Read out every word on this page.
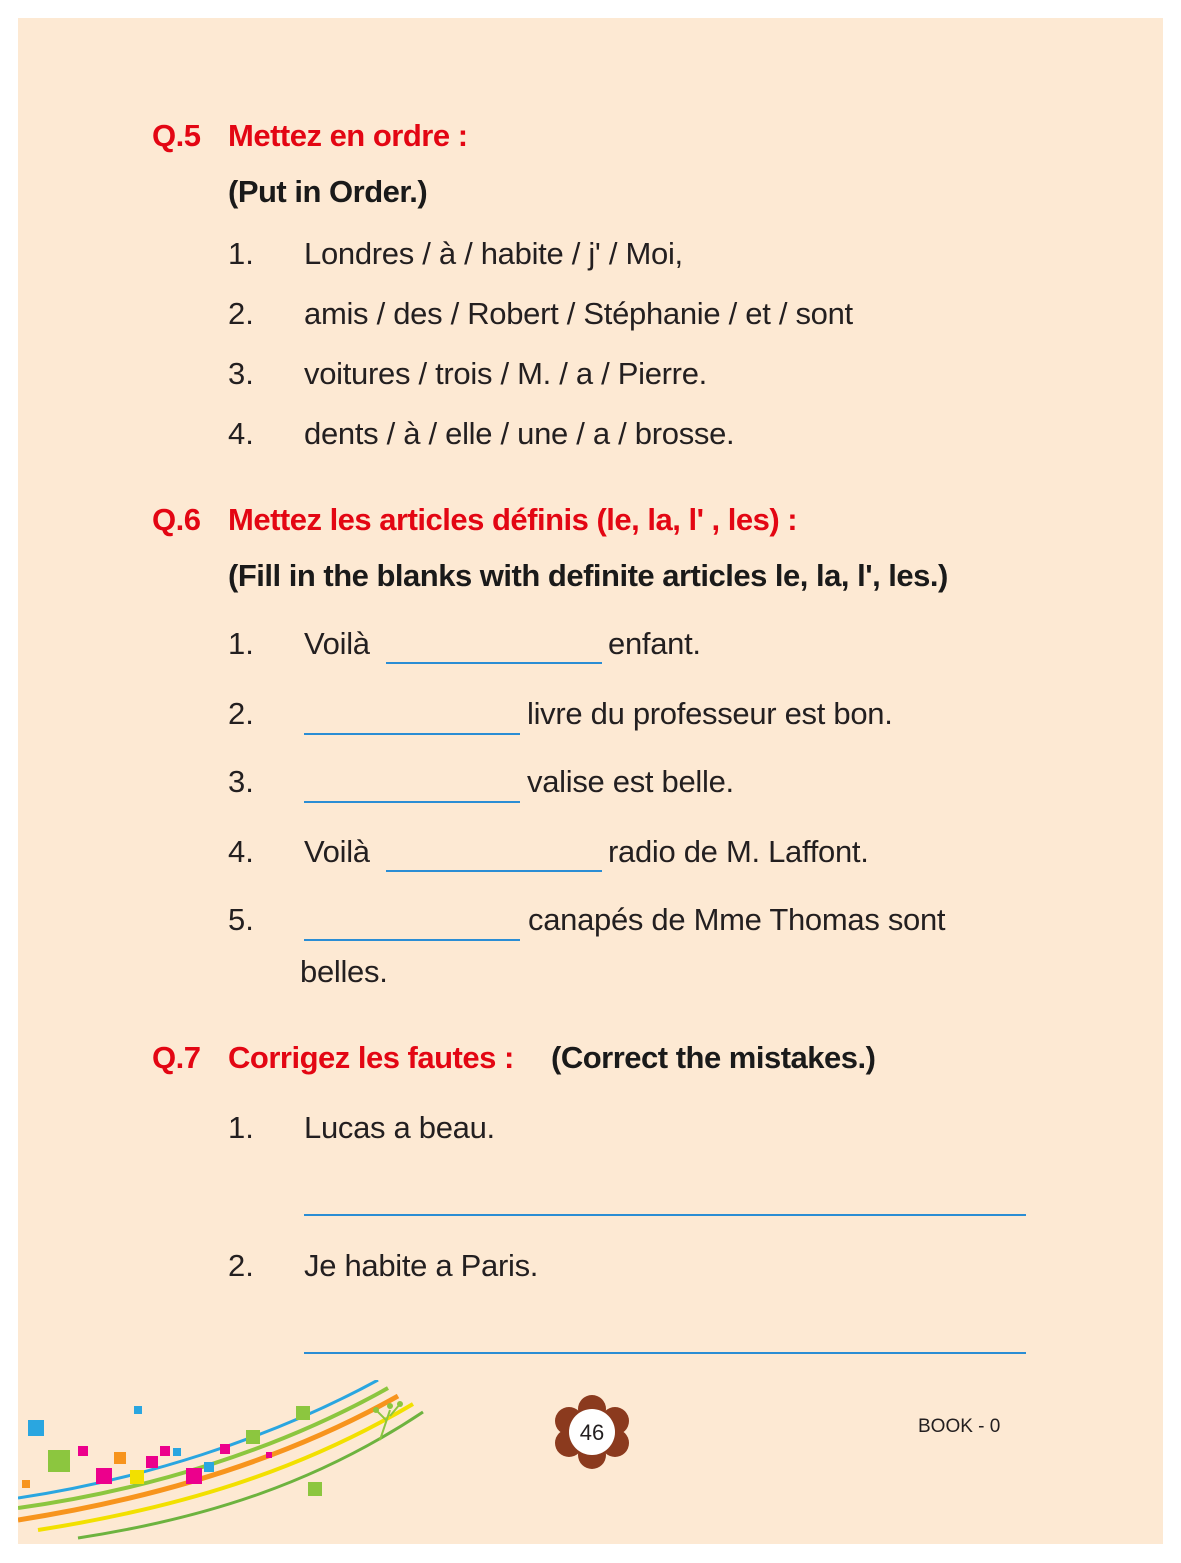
Q.5 Mettez en ordre :
(Put in Order.)
1. Londres / à / habite / j' / Moi,
2. amis / des / Robert / Stéphanie / et / sont
3. voitures / trois / M. / a / Pierre.
4. dents / à / elle / une / a / brosse.
Q.6 Mettez les articles définis (le, la, l' , les) :
(Fill in the blanks with definite articles le, la, l', les.)
1. Voilà	enfant.
2.	livre du professeur est bon.
3.	valise est belle.
4. Voilà	radio de M. Laffont.
5.	canapés de Mme Thomas sont
belles.
Q.7 Corrigez les fautes : (Correct the mistakes.)
1. Lucas a beau.
2. Je habite a Paris.
46	BOOK - 0
